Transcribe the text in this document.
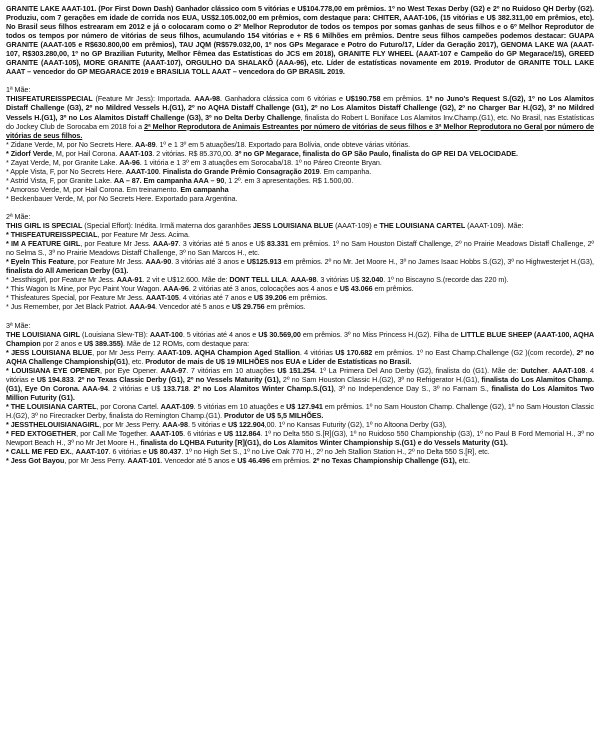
GRANITE LAKE AAAT-101. (Por First Down Dash) Ganhador clássico com 5 vitórias e U$104.778,00 em prêmios. 1º no West Texas Derby (G2) e 2º no Ruidoso QH Derby (G2). Produziu, com 7 gerações em idade de corrida nos EUA, US$2.105.002,00 em prêmios, com destaque para: CHITER, AAAT-106, (15 vitórias e U$ 382.311,00 em prêmios, etc). No Brasil seus filhos estrearam em 2012 e já o colocaram como o 2º Melhor Reprodutor de todos os tempos por somas ganhas de seus filhos e o 6º Melhor Reprodutor de todos os tempos por número de vitórias de seus filhos, acumulando 154 vitórias e + R$ 6 Milhões em prêmios. Dentre seus filhos campeões podemos destacar: GUAPA GRANITE (AAAT-105 e R$630.800,00 em prêmios), TAU JQM (R$579.032,00, 1º nos GPs Megarace e Potro do Futuro/17, Líder da Geração 2017), GENOMA LAKE WA (AAAT-107, R$303.280,00, 1º no GP Brazilian Futurity, Melhor Fêmea das Estatísticas do JCS em 2018), GRANITE FLY WHEEL (AAAT-107 e Campeão do GP Megarace/15), GREED GRANITE (AAAT-105), MORE GRANITE (AAAT-107), ORGULHO DA SHALAKÔ (AAA-96), etc. Líder de estatísticas novamente em 2019. Produtor de GRANITE TOLL LAKE AAAT – vencedor do GP MEGARACE 2019 e BRASILIA TOLL AAAT – vencedora do GP BRASIL 2019.

1ª Mãe:

THISFEATUREISSPECIAL (Feature Mr Jess): Importada. AAA-98. Ganhadora clássica com 6 vitórias e U$190.758 em prêmios. 1º no Juno's Request S.(G2), 1º no Los Alamitos Distaff Challenge (G3), 2º no Mildred Vessels H.(G1), 2º no AQHA Distaff Challenge (G1), 2º no Los Alamitos Distaff Challenge (G2), 2º no Charger Bar H.(G2), 3º no Mildred Vessels H.(G1), 3º no Los Alamitos Distaff Challenge (G3), 3º no Delta Derby Challenge, finalista do Robert L Boniface Los Alamitos Inv.Champ.(G1), etc. No Brasil, nas Estatísticas do Jockey Club de Sorocaba em 2018 foi a 2ª Melhor Reprodutora de Animais Estreantes por número de vitórias de seus filhos e 3ª Melhor Reprodutora no Geral por número de vitórias de seus filhos.

* Zidane Verde, M, por No Secrets Here. AA-89. 1º e 1 3º em 5 atuações/18. Exportado para Bolívia, onde obteve várias vitórias.

* Zidorf Verde, M, por Hail Corona. AAAT-103. 2 vitórias. R$ 85.370,00. 3º no GP Megarace, finalista do GP São Paulo, finalista do GP REI DA VELOCIDADE.

* Zayat Verde, M, por Granite Lake. AA-96. 1 vitória e 1 3º em 3 atuações em Sorocaba/18. 1º no Páreo Creonte Bryan.

* Apple Vista, F, por No Secrets Here. AAAT-100. Finalista do Grande Prêmio Consagração 2019. Em campanha.

* Astrid Vista, F, por Granite Lake. AA – 87. Em campanha AAA – 90, 1 2º. em 3 apresentações. R$ 1.500,00.

* Amoroso Verde, M, por Hail Corona. Em treinamento. Em campanha

* Beckenbauer Verde, M, por No Secrets Here. Exportado para Argentina.

2ª Mãe:

THIS GIRL IS SPECIAL (Special Effort): Inédita. Irmã materna dos garanhões JESS LOUISIANA BLUE (AAAT-109) e THE LOUISIANA CARTEL (AAAT-109). Mãe:

* THISFEATUREISSPECIAL, por Feature Mr Jess. Acima.

* IM A FEATURE GIRL, por Feature Mr Jess. AAA-97. 3 vitórias até 5 anos e U$ 83.331 em prêmios. 1º no Sam Houston Distaff Challenge, 2º no Prairie Meadows Distaff Challenge, 2º no Selma S., 3º no Prairie Meadows Distaff Challenge, 3º no San Marcos H., etc.

* Eyeln This Feature, por Feature Mr Jess. AAA-90. 3 vitórias até 3 anos e U$125.913 em prêmios. 2º no Mr. Jet Moore H., 3º no James Isaac Hobbs S.(G2), 3º no Highwesterjet H.(G3), finalista do All American Derby (G1).

* Jessthisgirl, por Feature Mr Jess. AAA-91. 2 vit e U$12.600. Mãe de: DONT TELL LILA. AAA-98. 3 vitórias U$ 32.040. 1º no Biscayno S.(recorde das 220 m).

* This Wagon Is Mine, por Pyc Paint Your Wagon. AAA-96. 2 vitórias até 3 anos, colocações aos 4 anos e U$ 43.066 em prêmios.

* Thisfeatures Special, por Feature Mr Jess. AAAT-105. 4 vitórias até 7 anos e U$ 39.206 em prêmios.

* Jus Remember, por Jet Black Patriot. AAA-94. Vencedor até 5 anos e U$ 29.756 em prêmios.

3ª Mãe:

THE LOUISIANA GIRL (Louisiana Slew-TB): AAAT-100. 5 vitórias até 4 anos e U$ 30.569,00 em prêmios. 3º no Miss Princess H.(G2). Filha de LITTLE BLUE SHEEP (AAAT-100, AQHA Champion por 2 anos e U$ 389.355). Mãe de 12 ROMs, com destaque para:

* JESS LOUISIANA BLUE, por Mr Jess Perry. AAAT-109. AQHA Champion Aged Stallion. 4 vitórias U$ 170.682 em prêmios. 1º no East Champ.Challenge (G2 )(com recorde), 2º no AQHA Challenge Championship(G1), etc. Produtor de mais de U$ 19 MILHÕES nos EUA e Líder de Estatísticas no Brasil.

* LOUISIANA EYE OPENER, por Eye Opener. AAA-97. 7 vitórias em 10 atuações U$ 151.254. 1º La Primera Del Ano Derby (G2), finalista do (G1). Mãe de: Dutcher. AAAT-108. 4 vitórias e U$ 194.833. 2º no Texas Classic Derby (G1), 2º no Vessels Maturity (G1), 2º no Sam Houston Classic H.(G2), 3º no Refrigerator H.(G1), finalista do Los Alamitos Champ.(G1), Eye On Corona. AAA-94. 2 vitórias e U$ 133.718. 2º no Los Alamitos Winter Champ.S.(G1), 3º no Independence Day S., 3º no Farnam S., finalista do Los Alamitos Two Million Futurity (G1).

* THE LOUISIANA CARTEL, por Corona Cartel. AAAT-109. 5 vitórias em 10 atuações e U$ 127.941 em prêmios. 1º no Sam Houston Champ. Challenge (G2), 1º no Sam Houston Classic H.(G2), 3º no Firecracker Derby, finalista do Remington Champ.(G1). Produtor de U$ 5,5 MILHÕES.

* JESSTHELOUISIANAGIRL, por Mr Jess Perry. AAA-98. 5 vitórias e U$ 122.904,00. 1º no Kansas Futurity (G2), 1º no Altoona Derby (G3),

* FED EXTOGETHER, por Call Me Together. AAAT-105. 6 vitórias e U$ 112.864. 1º no Delta 550 S.[R](G3), 1º no Ruidoso 550 Championship (G3), 1º no Paul B Ford Memorial H., 3º no Newport Beach H., 3º no Mr Jet Moore H., finalista do LQHBA Futurity [R](G1), do Los Alamitos Winter Championship S.(G1) e do Vessels Maturity (G1).

* CALL ME FED EX., AAAT-107. 6 vitórias e U$ 80.437. 1º no High Set S., 1º no Live Oak 770 H., 2º no Jeh Stallion Station H., 2º no Delta 550 S.[R], etc.

* Jess Got Bayou, por Mr Jess Perry. AAAT-101. Vencedor até 5 anos e U$ 46.496 em prêmios. 2º no Texas Championship Challenge (G1), etc.
